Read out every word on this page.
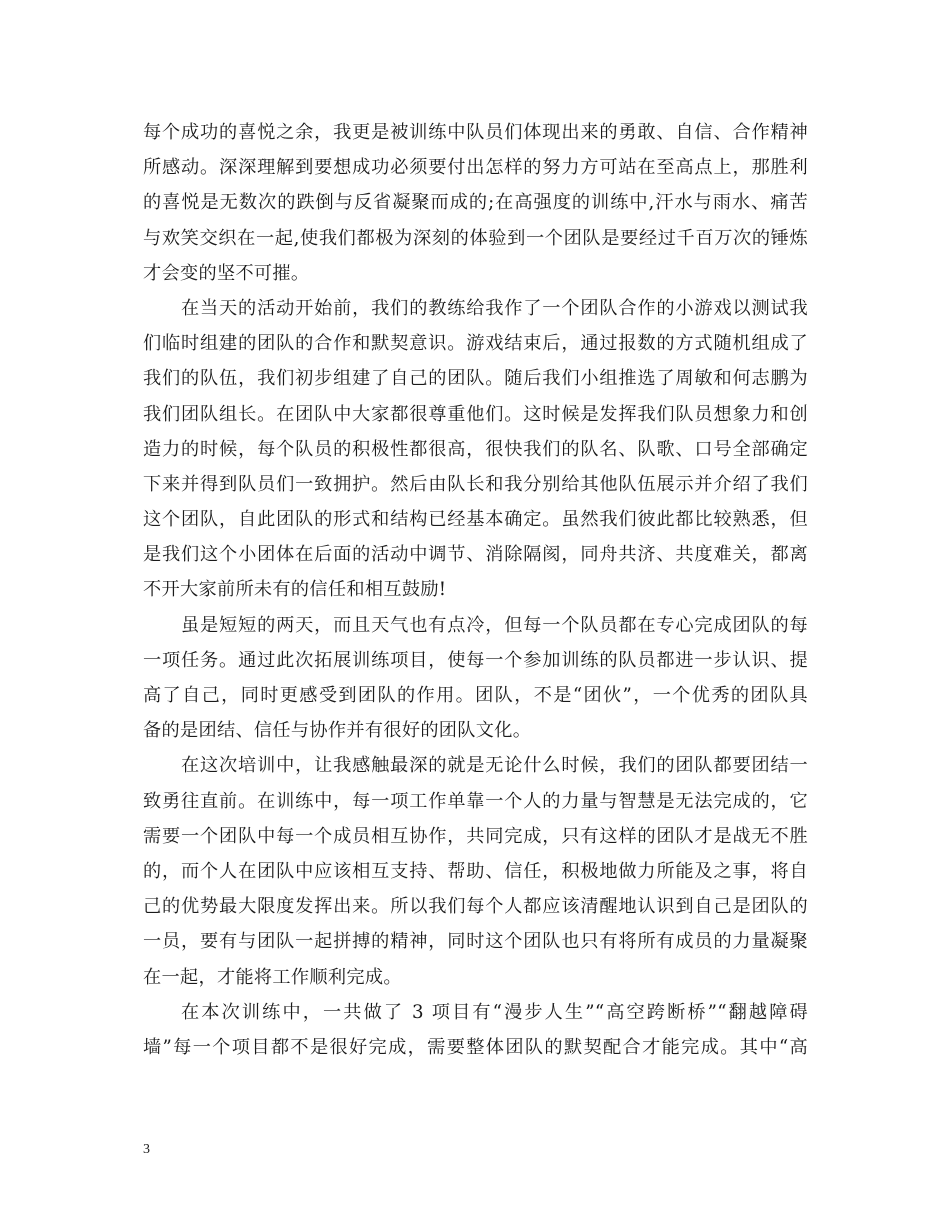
每个成功的喜悦之余，我更是被训练中队员们体现出来的勇敢、自信、合作精神
所感动。深深理解到要想成功必须要付出怎样的努力方可站在至高点上，那胜利
的喜悦是无数次的跌倒与反省凝聚而成的;在高强度的训练中,汗水与雨水、痛苦
与欢笑交织在一起,使我们都极为深刻的体验到一个团队是要经过千百万次的锤炼
才会变的坚不可摧。
在当天的活动开始前，我们的教练给我作了一个团队合作的小游戏以测试我
们临时组建的团队的合作和默契意识。游戏结束后，通过报数的方式随机组成了
我们的队伍，我们初步组建了自己的团队。随后我们小组推选了周敏和何志鹏为
我们团队组长。在团队中大家都很尊重他们。这时候是发挥我们队员想象力和创
造力的时候，每个队员的积极性都很高，很快我们的队名、队歌、口号全部确定
下来并得到队员们一致拥护。然后由队长和我分别给其他队伍展示并介绍了我们
这个团队，自此团队的形式和结构已经基本确定。虽然我们彼此都比较熟悉，但
是我们这个小团体在后面的活动中调节、消除隔阂，同舟共济、共度难关，都离
不开大家前所未有的信任和相互鼓励!
虽是短短的两天，而且天气也有点冷，但每一个队员都在专心完成团队的每
一项任务。通过此次拓展训练项目，使每一个参加训练的队员都进一步认识、提
高了自己，同时更感受到团队的作用。团队，不是“团伙”，一个优秀的团队具
备的是团结、信任与协作并有很好的团队文化。
在这次培训中，让我感触最深的就是无论什么时候，我们的团队都要团结一
致勇往直前。在训练中，每一项工作单靠一个人的力量与智慧是无法完成的，它
需要一个团队中每一个成员相互协作，共同完成，只有这样的团队才是战无不胜
的，而个人在团队中应该相互支持、帮助、信任，积极地做力所能及之事，将自
己的优势最大限度发挥出来。所以我们每个人都应该清醒地认识到自己是团队的
一员，要有与团队一起拼搏的精神，同时这个团队也只有将所有成员的力量凝聚
在一起，才能将工作顺利完成。
在本次训练中，一共做了 3 项目有“漫步人生”“高空跨断桥”“翻越障碍
墙”每一个项目都不是很好完成，需要整体团队的默契配合才能完成。其中“高
3
